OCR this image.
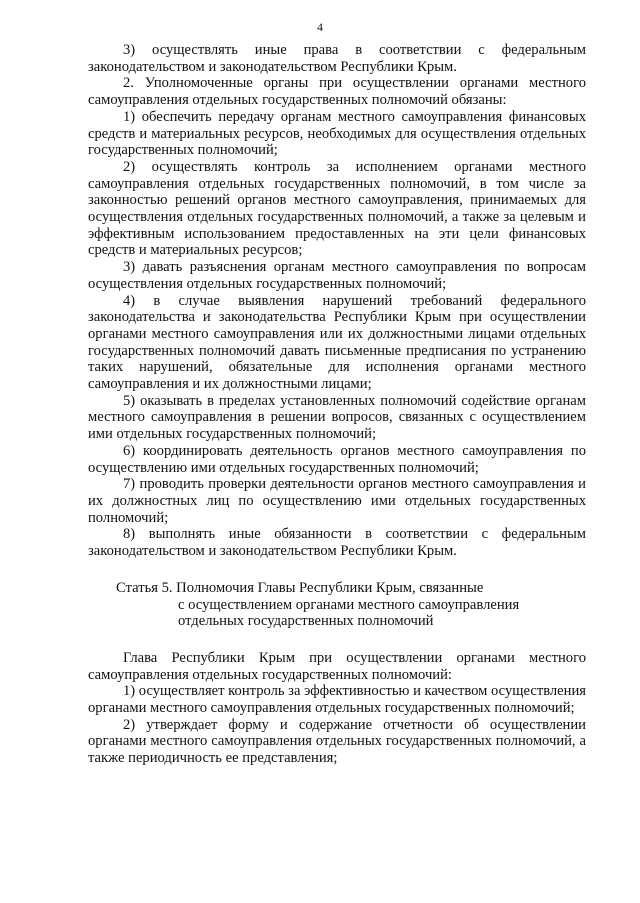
4

3) осуществлять иные права в соответствии с федеральным законодательством и законодательством Республики Крым.

2. Уполномоченные органы при осуществлении органами местного самоуправления отдельных государственных полномочий обязаны:

1) обеспечить передачу органам местного самоуправления финансовых средств и материальных ресурсов, необходимых для осуществления отдельных государственных полномочий;

2) осуществлять контроль за исполнением органами местного самоуправления отдельных государственных полномочий, в том числе за законностью решений органов местного самоуправления, принимаемых для осуществления отдельных государственных полномочий, а также за целевым и эффективным использованием предоставленных на эти цели финансовых средств и материальных ресурсов;

3) давать разъяснения органам местного самоуправления по вопросам осуществления отдельных государственных полномочий;

4) в случае выявления нарушений требований федерального законодательства и законодательства Республики Крым при осуществлении органами местного самоуправления или их должностными лицами отдельных государственных полномочий давать письменные предписания по устранению таких нарушений, обязательные для исполнения органами местного самоуправления и их должностными лицами;

5) оказывать в пределах установленных полномочий содействие органам местного самоуправления в решении вопросов, связанных с осуществлением ими отдельных государственных полномочий;

6) координировать деятельность органов местного самоуправления по осуществлению ими отдельных государственных полномочий;

7) проводить проверки деятельности органов местного самоуправления и их должностных лиц по осуществлению ими отдельных государственных полномочий;

8) выполнять иные обязанности в соответствии с федеральным законодательством и законодательством Республики Крым.

Статья 5. Полномочия Главы Республики Крым, связанные
с осуществлением органами местного самоуправления
отдельных государственных полномочий

Глава Республики Крым при осуществлении органами местного самоуправления отдельных государственных полномочий:

1) осуществляет контроль за эффективностью и качеством осуществления органами местного самоуправления отдельных государственных полномочий;

2) утверждает форму и содержание отчетности об осуществлении органами местного самоуправления отдельных государственных полномочий, а также периодичность ее представления;
